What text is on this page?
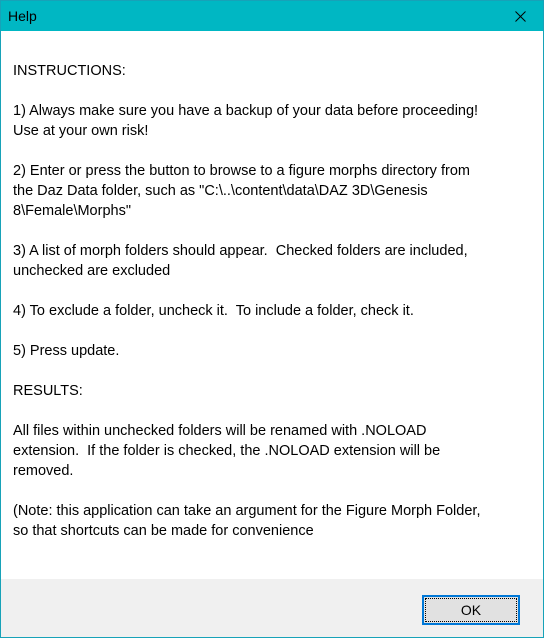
Help

INSTRUCTIONS:

1) Always make sure you have a backup of your data before proceeding!
Use at your own risk!

2) Enter or press the button to browse to a figure morphs directory from
the Daz Data folder, such as "C:\..\content\data\DAZ 3D\Genesis
8\Female\Morphs"

3) A list of morph folders should appear.  Checked folders are included,
unchecked are excluded

4) To exclude a folder, uncheck it.  To include a folder, check it.

5) Press update.

RESULTS:

All files within unchecked folders will be renamed with .NOLOAD
extension.  If the folder is checked, the .NOLOAD extension will be
removed.

(Note: this application can take an argument for the Figure Morph Folder,
so that shortcuts can be made for convenience

OK
